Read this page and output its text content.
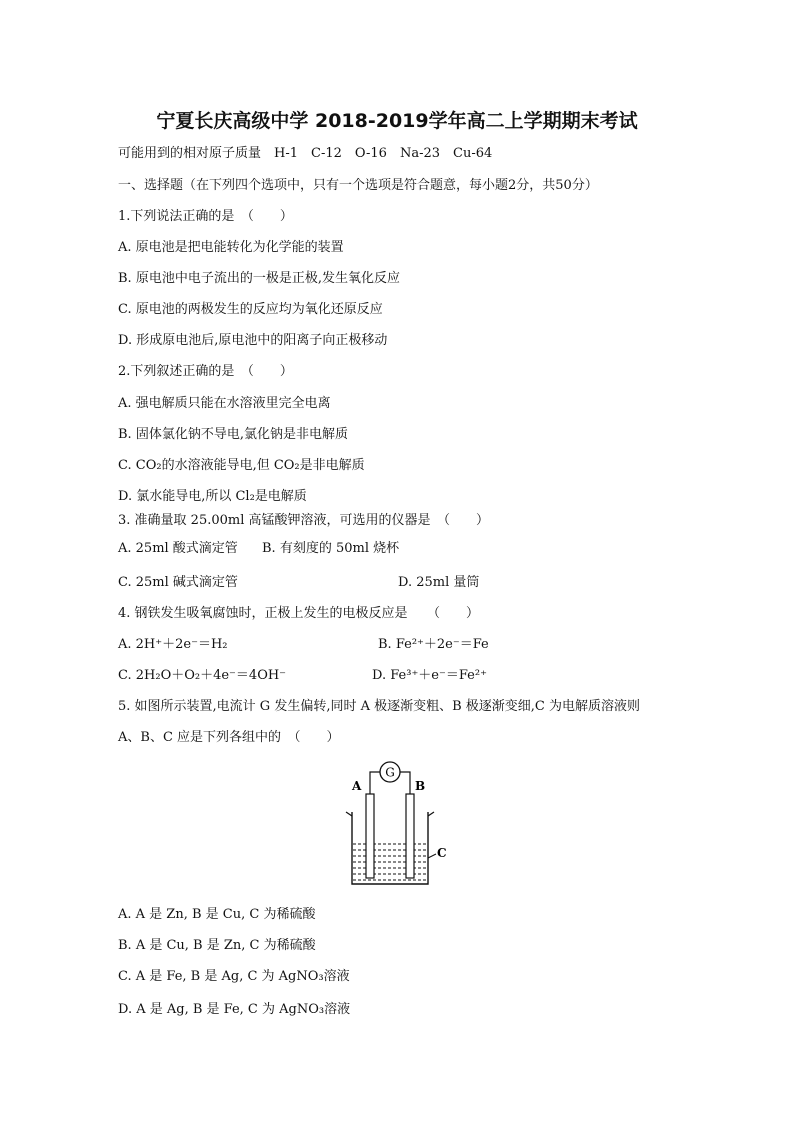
宁夏长庆高级中学 2018-2019学年高二上学期期末考试
可能用到的相对原子质量　H-1　C-12　O-16　Na-23　Cu-64
一、选择题（在下列四个选项中，只有一个选项是符合题意，每小题2分，共50分）
1.下列说法正确的是　（　　）
A. 原电池是把电能转化为化学能的装置
B. 原电池中电子流出的一极是正极,发生氧化反应
C. 原电池的两极发生的反应均为氧化还原反应
D. 形成原电池后,原电池中的阳离子向正极移动
2.下列叙述正确的是　（　　）
A. 强电解质只能在水溶液里完全电离
B. 固体氯化钠不导电,氯化钠是非电解质
C. CO₂的水溶液能导电,但 CO₂是非电解质
D. 氯水能导电,所以 Cl₂是电解质
3. 准确量取 25.00ml 高锰酸钾溶液，可选用的仪器是　（　　）
A. 25ml 酸式滴定管 B. 有刻度的 50ml 烧杯
C. 25ml 碱式滴定管	D. 25ml 量筒
4. 钢铁发生吸氧腐蚀时，正极上发生的电极反应是　　（　　）
A. 2H⁺＋2e⁻＝H₂	B. Fe²⁺＋2e⁻＝Fe
C. 2H₂O＋O₂＋4e⁻＝4OH⁻	D. Fe³⁺＋e⁻＝Fe²⁺
5. 如图所示装置,电流计 G 发生偏转,同时 A 极逐渐变粗、B 极逐渐变细,C 为电解质溶液则
A、B、C 应是下列各组中的　（　　）
G
A	B
C
A. A 是 Zn, B 是 Cu, C 为稀硫酸
B. A 是 Cu, B 是 Zn, C 为稀硫酸
C. A 是 Fe, B 是 Ag, C 为 AgNO₃溶液
D. A 是 Ag, B 是 Fe, C 为 AgNO₃溶液
